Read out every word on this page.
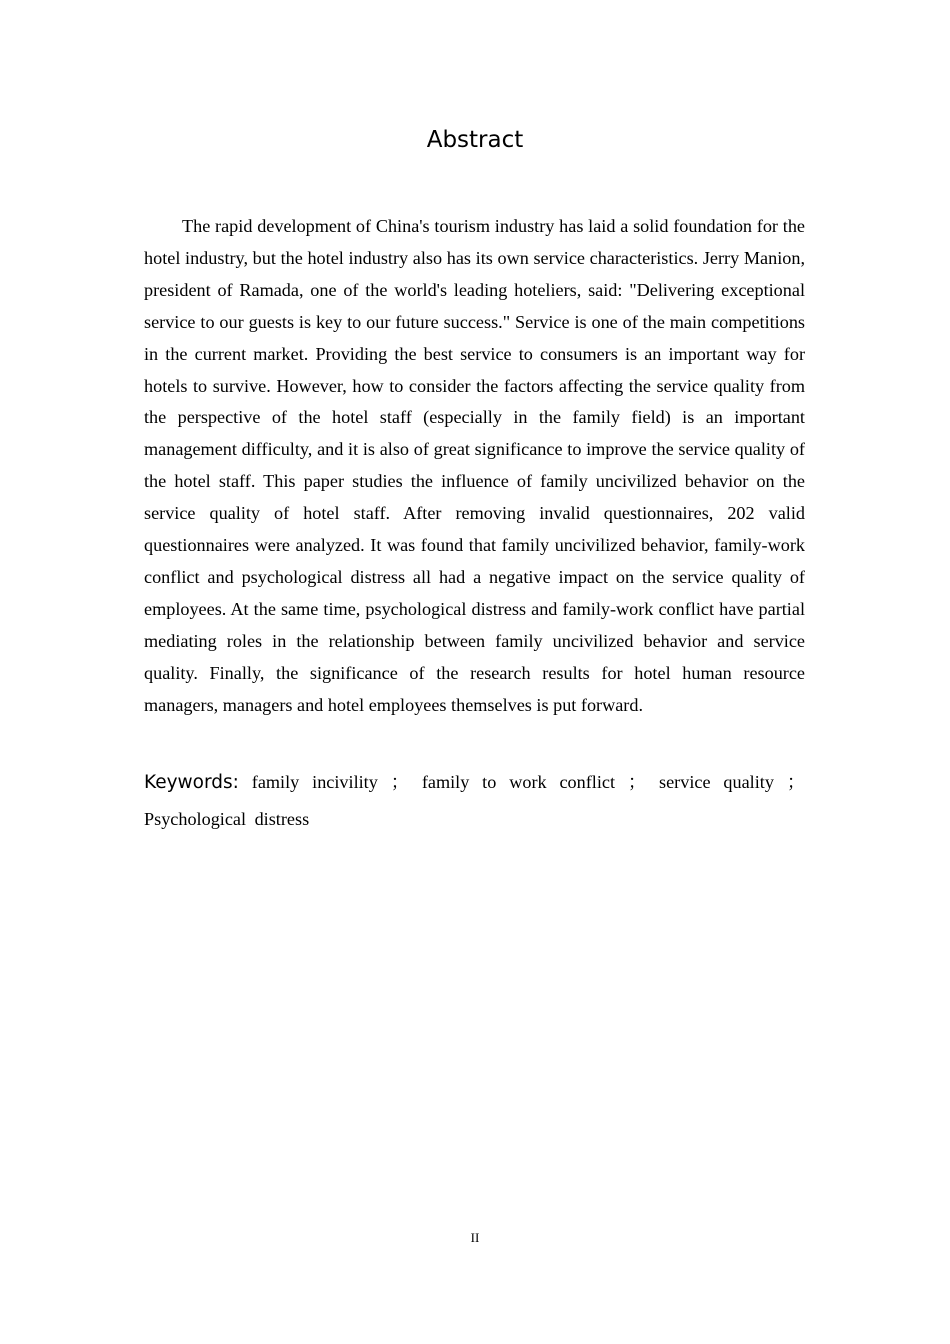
Abstract

The rapid development of China's tourism industry has laid a solid foundation for the hotel industry, but the hotel industry also has its own service characteristics. Jerry Manion, president of Ramada, one of the world's leading hoteliers, said: "Delivering exceptional service to our guests is key to our future success." Service is one of the main competitions in the current market. Providing the best service to consumers is an important way for hotels to survive. However, how to consider the factors affecting the service quality from the perspective of the hotel staff (especially in the family field) is an important management difficulty, and it is also of great significance to improve the service quality of the hotel staff. This paper studies the influence of family uncivilized behavior on the service quality of hotel staff. After removing invalid questionnaires, 202 valid questionnaires were analyzed. It was found that family uncivilized behavior, family-work conflict and psychological distress all had a negative impact on the service quality of employees. At the same time, psychological distress and family-work conflict have partial mediating roles in the relationship between family uncivilized behavior and service quality. Finally, the significance of the research results for hotel human resource managers, managers and hotel employees themselves is put forward.

Keywords: family incivility ； family to work conflict ； service quality ； Psychological distress

II
